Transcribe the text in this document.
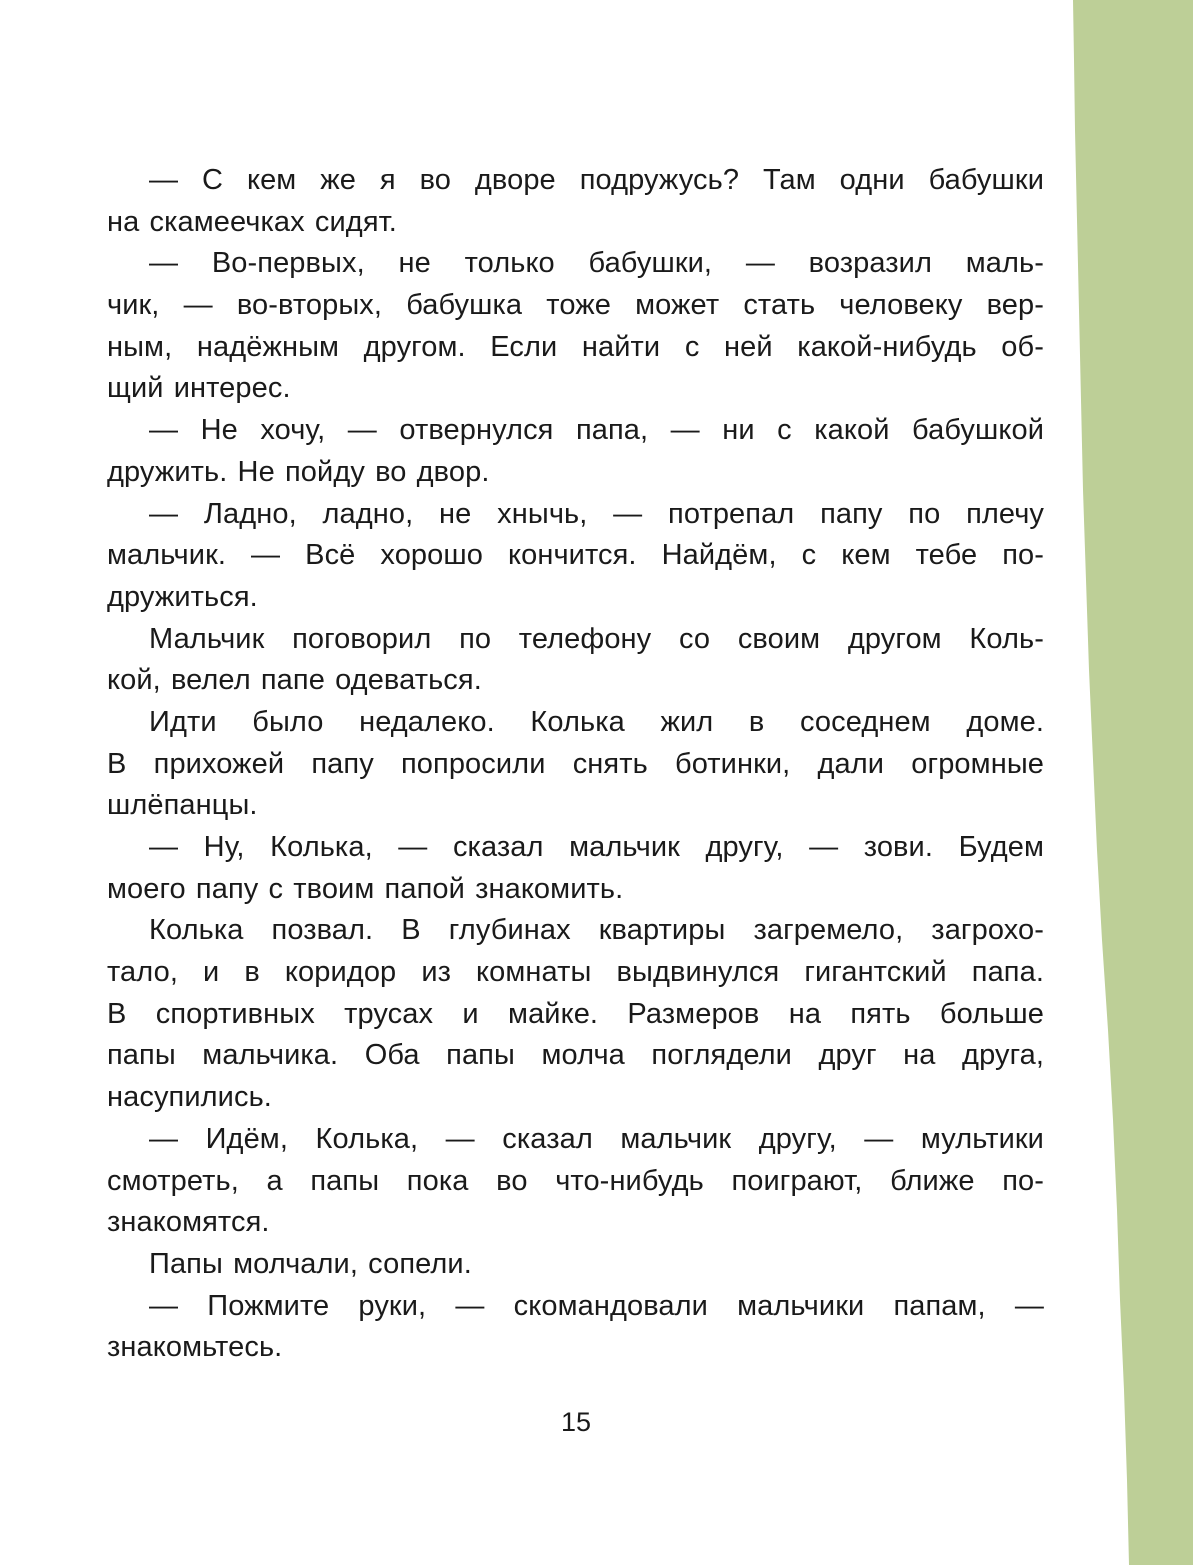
— С кем же я во дворе подружусь? Там одни бабушки
на скамеечках сидят.
— Во-первых, не только бабушки, — возразил маль-
чик, — во-вторых, бабушка тоже может стать человеку вер-
ным, надёжным другом. Если найти с ней какой-нибудь об-
щий интерес.
— Не хочу, — отвернулся папа, — ни с какой бабушкой
дружить. Не пойду во двор.
— Ладно, ладно, не хнычь, — потрепал папу по плечу
мальчик. — Всё хорошо кончится. Найдём, с кем тебе по-
дружиться.
Мальчик поговорил по телефону со своим другом Коль-
кой, велел папе одеваться.
Идти было недалеко. Колька жил в соседнем доме.
В прихожей папу попросили снять ботинки, дали огромные
шлёпанцы.
— Ну, Колька, — сказал мальчик другу, — зови. Будем
моего папу с твоим папой знакомить.
Колька позвал. В глубинах квартиры загремело, загрохо-
тало, и в коридор из комнаты выдвинулся гигантский папа.
В спортивных трусах и майке. Размеров на пять больше
папы мальчика. Оба папы молча поглядели друг на друга,
насупились.
— Идём, Колька, — сказал мальчик другу, — мультики
смотреть, а папы пока во что-нибудь поиграют, ближе по-
знакомятся.
Папы молчали, сопели.
— Пожмите руки, — скомандовали мальчики папам, —
знакомьтесь.
15
